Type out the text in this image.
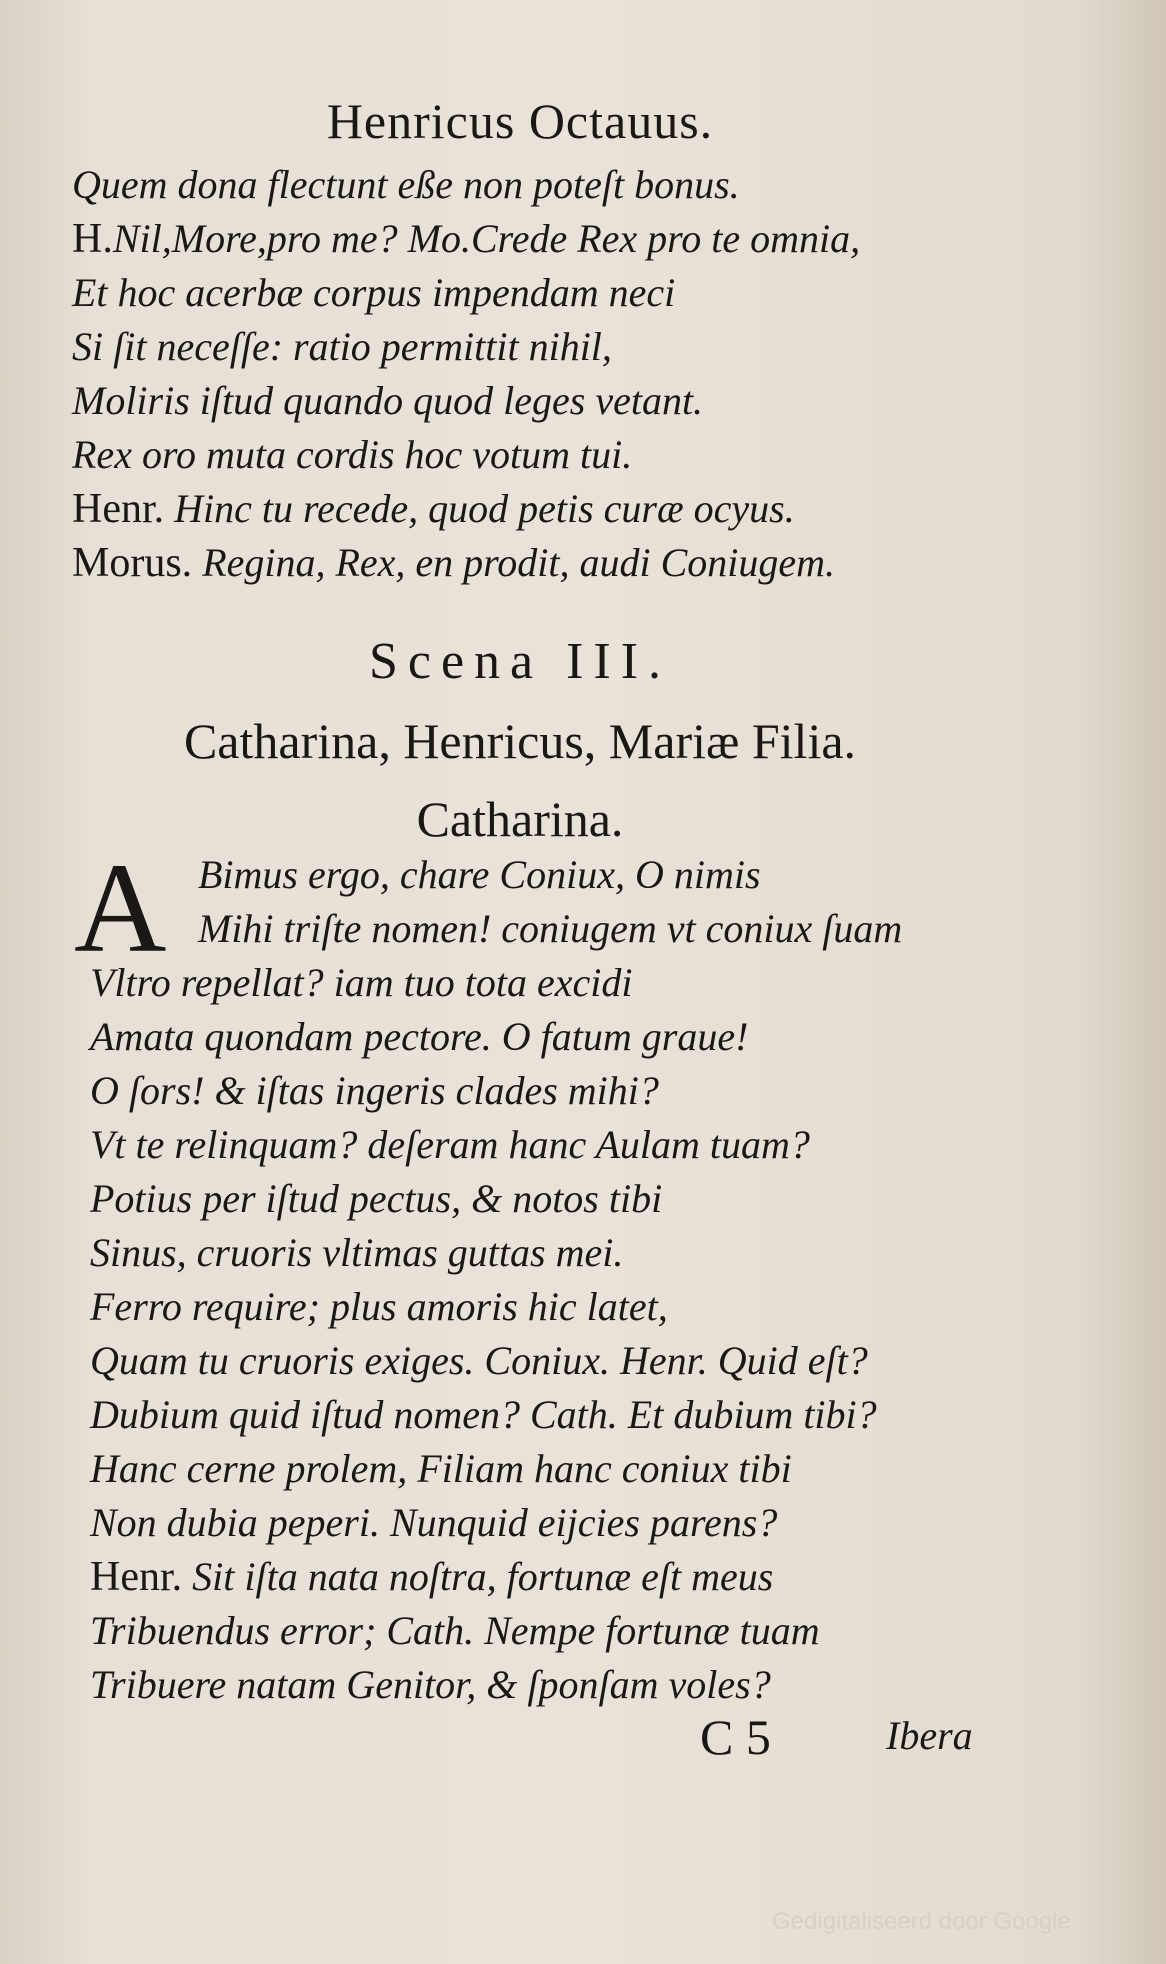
Henricus Octauus.
Quem dona flectunt eße non poteſt bonus.
H.Nil,More,pro me? Mo.Crede Rex pro te omnia,
Et hoc acerbæ corpus impendam neci
Si ſit neceſſe: ratio permittit nihil,
Moliris iſtud quando quod leges vetant.
Rex oro muta cordis hoc votum tui.
Henr. Hinc tu recede, quod petis curæ ocyus.
Morus. Regina, Rex, en prodit, audi Coniugem.
Scena III.
Catharina, Henricus, Mariæ Filia.
Catharina.
A Bimus ergo, chare Coniux, O nimis
Mihi triſte nomen! coniugem vt coniux ſuam
Vltro repellat? iam tuo tota excidi
Amata quondam pectore. O fatum graue!
O ſors! & iſtas ingeris clades mihi?
Vt te relinquam? deſeram hanc Aulam tuam?
Potius per iſtud pectus, & notos tibi
Sinus, cruoris vltimas guttas mei.
Ferro require; plus amoris hic latet,
Quam tu cruoris exiges. Coniux. Henr. Quid eſt?
Dubium quid iſtud nomen? Cath. Et dubium tibi?
Hanc cerne prolem, Filiam hanc coniux tibi
Non dubia peperi. Nunquid eijcies parens?
Henr. Sit iſta nata noſtra, fortunæ eſt meus
Tribuendus error; Cath. Nempe fortunæ tuam
Tribuere natam Genitor, & ſponſam voles?
C 5	Ibera
Gedigitaliseerd door Google
